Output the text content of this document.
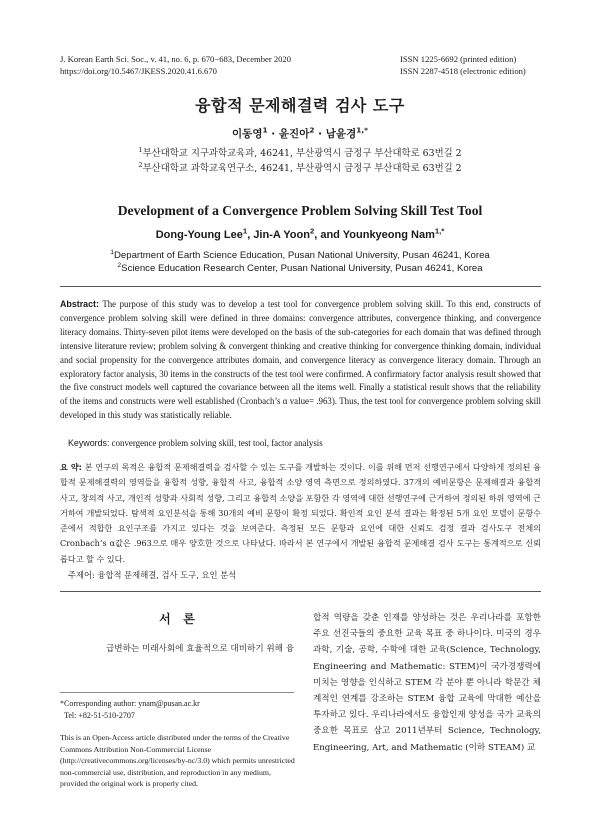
J. Korean Earth Sci. Soc., v. 41, no. 6, p. 670−683, December 2020
https://doi.org/10.5467/JKESS.2020.41.6.670
ISSN 1225-6692 (printed edition)
ISSN 2287-4518 (electronic edition)
융합적 문제해결력 검사 도구
이동영$^1$ · 윤진아$^2$ · 남윤경$^{1,*}$
$^1$부산대학교 지구과학교육과, 46241, 부산광역시 금정구 부산대학로 63번길 2
$^2$부산대학교 과학교육연구소, 46241, 부산광역시 금정구 부산대학로 63번길 2
Development of a Convergence Problem Solving Skill Test Tool
Dong-Young Lee$^1$, Jin-A Yoon$^2$, and Younkyeong Nam$^{1,*}$
$^1$Department of Earth Science Education, Pusan National University, Pusan 46241, Korea
$^2$Science Education Research Center, Pusan National University, Pusan 46241, Korea
Abstract: The purpose of this study was to develop a test tool for convergence problem solving skill. To this end, constructs of convergence problem solving skill were defined in three domains: convergence attributes, convergence thinking, and convergence literacy domains. Thirty-seven pilot items were developed on the basis of the sub-categories for each domain that was defined through intensive literature review; problem solving & convergent thinking and creative thinking for convergence thinking domain, individual and social propensity for the convergence attributes domain, and convergence literacy as convergence literacy domain. Through an exploratory factor analysis, 30 items in the constructs of the test tool were confirmed. A confirmatory factor analysis result showed that the five construct models well captured the covariance between all the items well. Finally a statistical result shows that the reliability of the items and constructs were well established (Cronbach’s α value= .963). Thus, the test tool for convergence problem solving skill developed in this study was statistically reliable.
Keywords: convergence problem solving skill, test tool, factor analysis
요 약: 본 연구의 목적은 융합적 문제해결력을 검사할 수 있는 도구를 개발하는 것이다. 이를 위해 먼저 선행연구에서 다양하게 정의된 융합적 문제해결력의 영역들을 융합적 성향, 융합적 사고, 융합적 소양 영역 측면으로 정의하였다. 37개의 예비문항은 문제해결과 융합적 사고, 창의적 사고, 개인적 성향과 사회적 성향, 그리고 융합적 소양을 포함한 각 영역에 대한 선행연구에 근거하여 정의된 하위 영역에 근거하여 개발되었다. 탐색적 요인분석을 통해 30개의 예비 문항이 확정 되었다. 확인적 요인 분석 결과는 확정된 5개 요인 모델이 문항수준에서 적합한 요인구조를 가지고 있다는 것을 보여준다. 측정된 모든 문항과 요인에 대한 신뢰도 검정 결과 검사도구 전체의 Cronbach’s α값은 .963으로 매우 양호한 것으로 나타났다. 따라서 본 연구에서 개발된 융합적 문제해결 검사 도구는 통계적으로 신뢰롭다고 할 수 있다.
주제어: 융합적 문제해결, 검사 도구, 요인 분석
서   론
급변하는 미래사회에 효율적으로 대비하기 위해 융
*Corresponding author: ynam@pusan.ac.kr
Tel: +82-51-510-2707
This is an Open-Access article distributed under the terms of the Creative Commons Attribution Non-Commercial License (http://creativecommons.org/licenses/by-nc/3.0) which permits unrestricted non-commercial use, distribution, and reproduction in any medium, provided the original work is properly cited.
합적 역량을 갖춘 인재를 양성하는 것은 우리나라를 포함한 주요 선진국들의 중요한 교육 목표 중 하나이다. 미국의 경우 과학, 기술, 공학, 수학에 대한 교육(Science, Technology, Engineering and Mathematic: STEM)이 국가경쟁력에 미치는 영향을 인식하고 STEM 각 분야 뿐 아니라 학문간 체계적인 연계를 강조하는 STEM 융합 교육에 막대한 예산을 투자하고 있다. 우리나라에서도 융합인재 양성을 국가 교육의 중요한 목표로 삼고 2011년부터 Science, Technology, Engineering, Art, and Mathematic (이하 STEAM) 교
